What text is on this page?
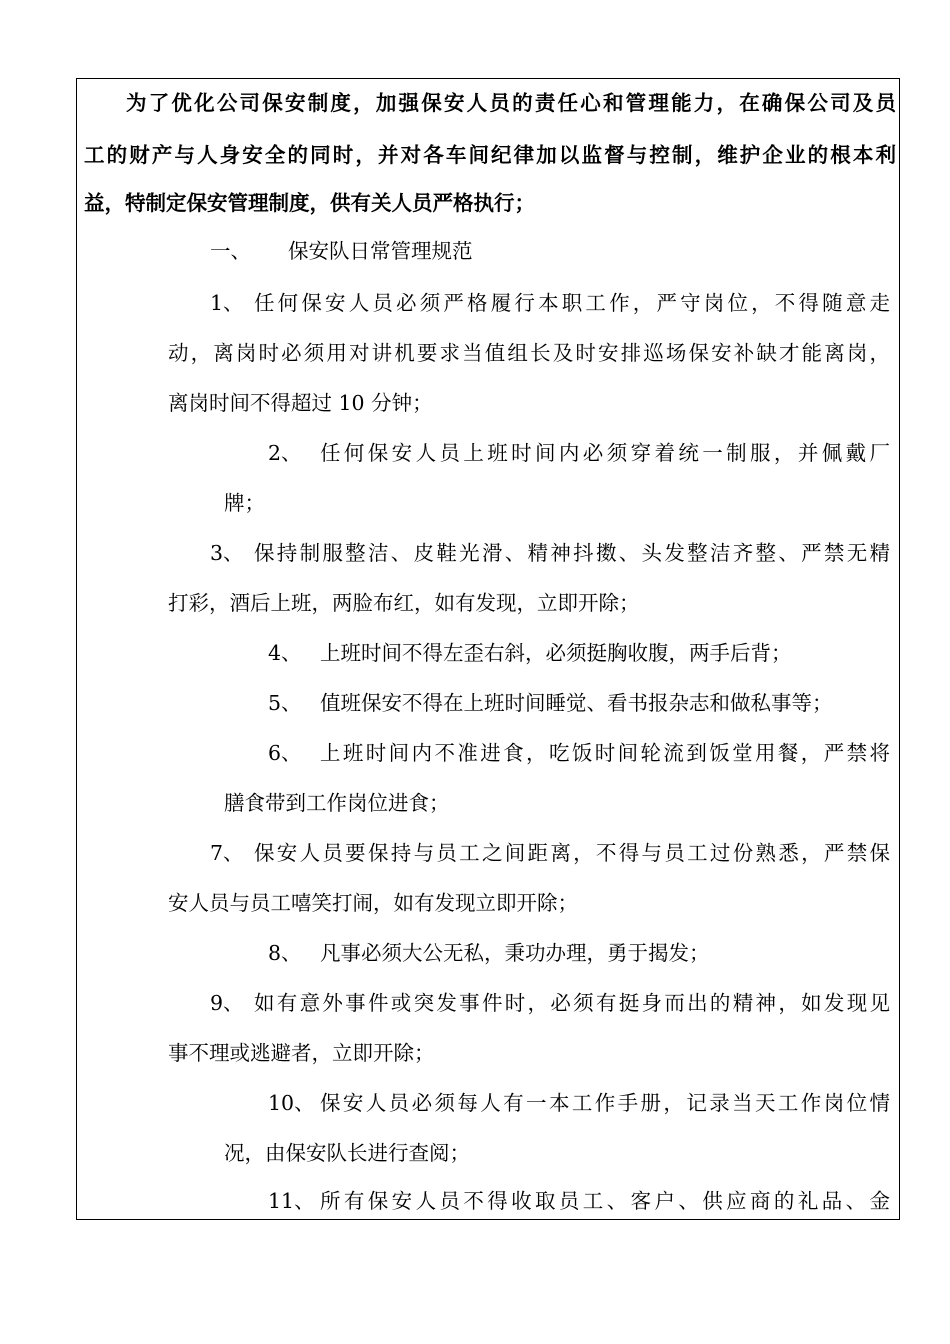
为了优化公司保安制度，加强保安人员的责任心和管理能力，在确保公司及员
工的财产与人身安全的同时，并对各车间纪律加以监督与控制，维护企业的根本利
益，特制定保安管理制度，供有关人员严格执行；
一、 保安队日常管理规范
1、 任何保安人员必须严格履行本职工作，严守岗位，不得随意走
动，离岗时必须用对讲机要求当值组长及时安排巡场保安补缺才能离岗，
离岗时间不得超过 10 分钟；
2、 任何保安人员上班时间内必须穿着统一制服，并佩戴厂
牌；
3、 保持制服整洁、皮鞋光滑、精神抖擞、头发整洁齐整、严禁无精
打彩，酒后上班，两脸布红，如有发现，立即开除；
4、 上班时间不得左歪右斜，必须挺胸收腹，两手后背；
5、 值班保安不得在上班时间睡觉、看书报杂志和做私事等；
6、 上班时间内不准进食，吃饭时间轮流到饭堂用餐，严禁将
膳食带到工作岗位进食；
7、 保安人员要保持与员工之间距离，不得与员工过份熟悉，严禁保
安人员与员工嘻笑打闹，如有发现立即开除；
8、 凡事必须大公无私，秉功办理，勇于揭发；
9、 如有意外事件或突发事件时，必须有挺身而出的精神，如发现见
事不理或逃避者，立即开除；
10、 保安人员必须每人有一本工作手册，记录当天工作岗位情
况，由保安队长进行查阅；
11、 所有保安人员不得收取员工、客户、供应商的礼品、金
